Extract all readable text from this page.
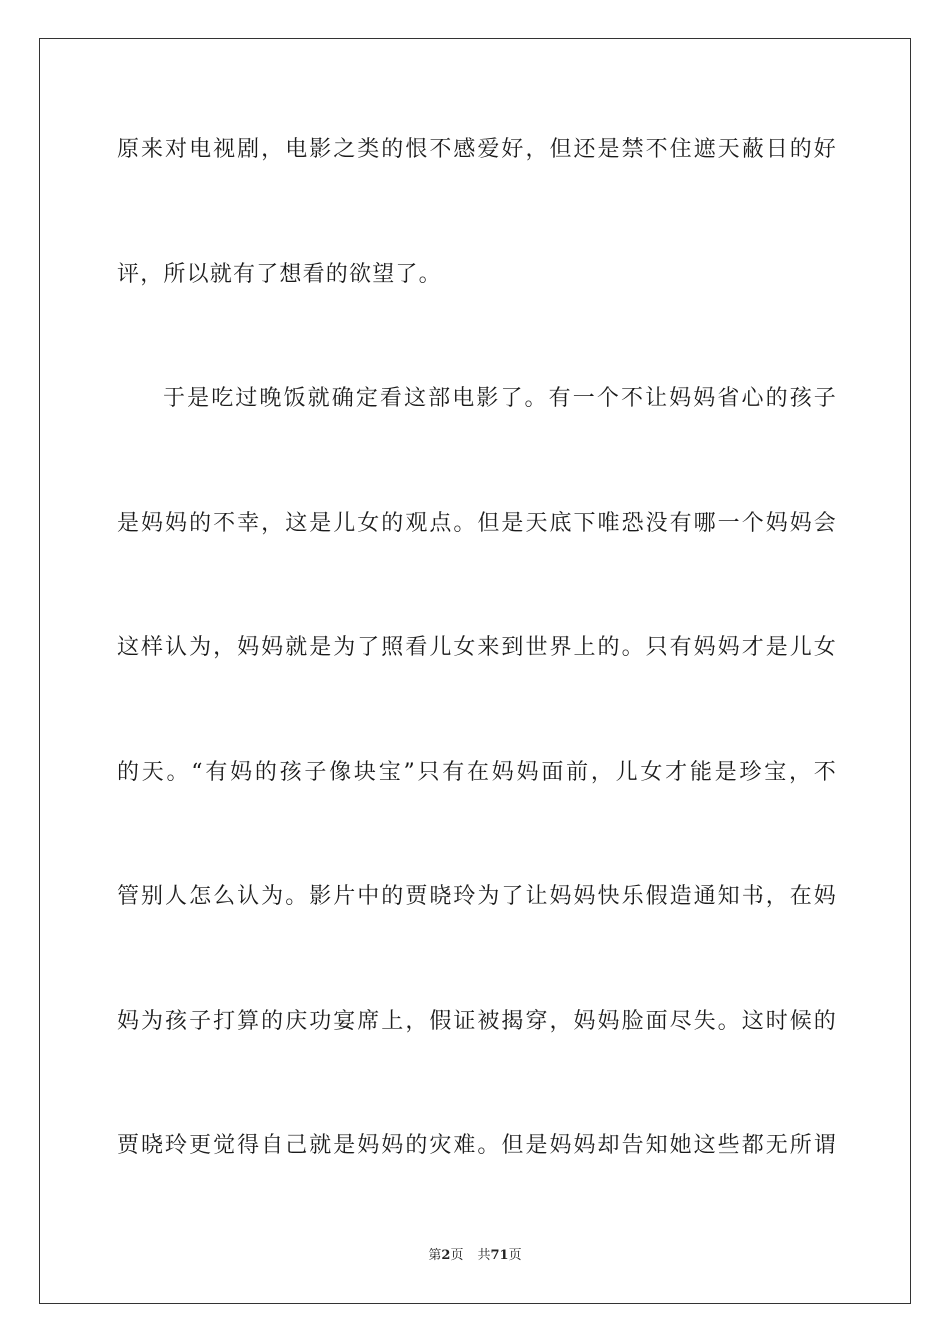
原来对电视剧，电影之类的恨不感爱好，但还是禁不住遮天蔽日的好
评，所以就有了想看的欲望了。
于是吃过晚饭就确定看这部电影了。有一个不让妈妈省心的孩子
是妈妈的不幸，这是儿女的观点。但是天底下唯恐没有哪一个妈妈会
这样认为，妈妈就是为了照看儿女来到世界上的。只有妈妈才是儿女
的天。“有妈的孩子像块宝”只有在妈妈面前，儿女才能是珍宝，不
管别人怎么认为。影片中的贾晓玲为了让妈妈快乐假造通知书，在妈
妈为孩子打算的庆功宴席上，假证被揭穿，妈妈脸面尽失。这时候的
贾晓玲更觉得自己就是妈妈的灾难。但是妈妈却告知她这些都无所谓
第2页 共71页
